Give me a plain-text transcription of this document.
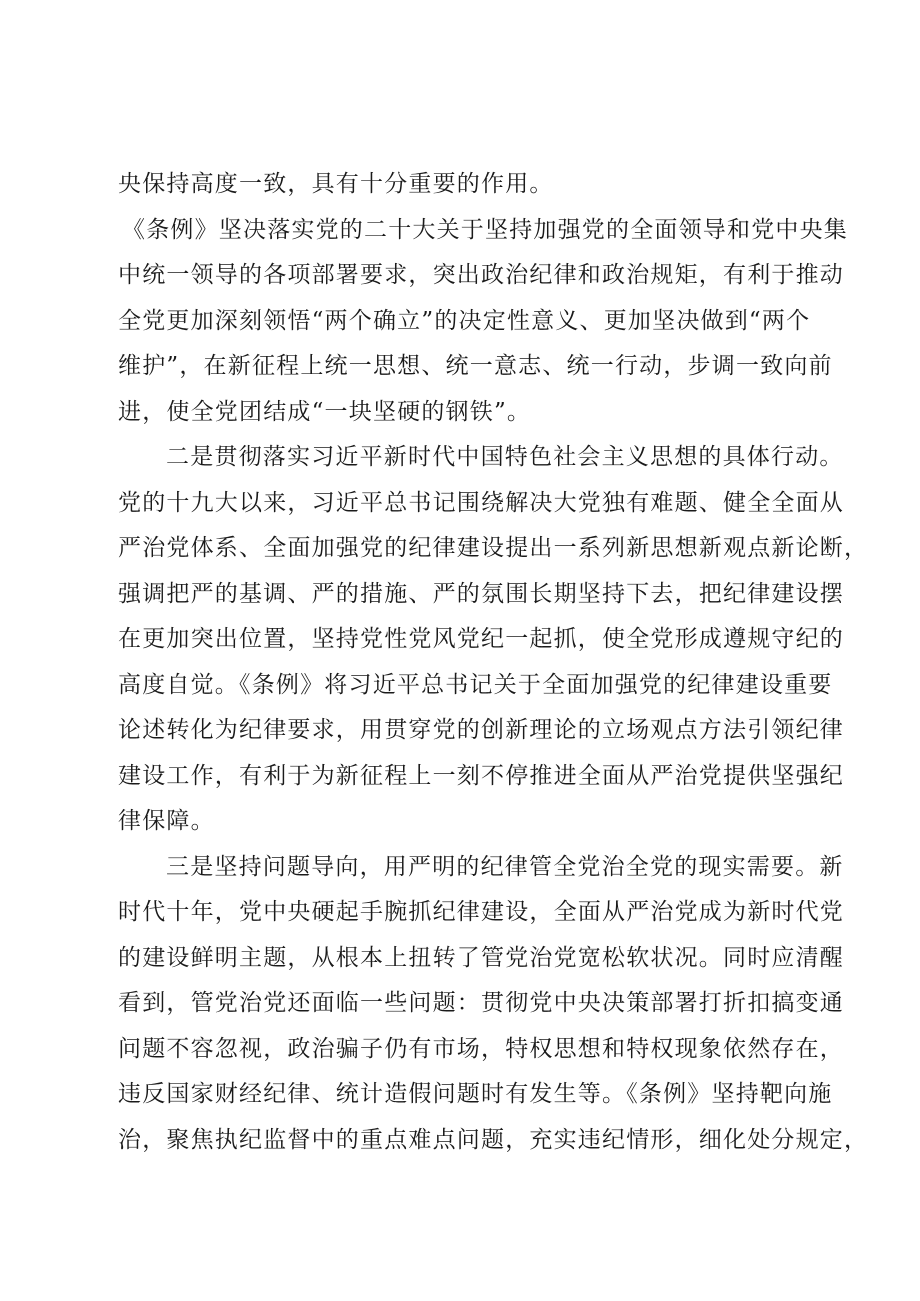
央保持高度一致，具有十分重要的作用。
《条例》坚决落实党的二十大关于坚持加强党的全面领导和党中央集
中统一领导的各项部署要求，突出政治纪律和政治规矩，有利于推动
全党更加深刻领悟“两个确立”的决定性意义、更加坚决做到“两个
维护”，在新征程上统一思想、统一意志、统一行动，步调一致向前
进，使全党团结成“一块坚硬的钢铁”。
二是贯彻落实习近平新时代中国特色社会主义思想的具体行动。
党的十九大以来，习近平总书记围绕解决大党独有难题、健全全面从
严治党体系、全面加强党的纪律建设提出一系列新思想新观点新论断，
强调把严的基调、严的措施、严的氛围长期坚持下去，把纪律建设摆
在更加突出位置，坚持党性党风党纪一起抓，使全党形成遵规守纪的
高度自觉。《条例》将习近平总书记关于全面加强党的纪律建设重要
论述转化为纪律要求，用贯穿党的创新理论的立场观点方法引领纪律
建设工作，有利于为新征程上一刻不停推进全面从严治党提供坚强纪
律保障。
三是坚持问题导向，用严明的纪律管全党治全党的现实需要。新
时代十年，党中央硬起手腕抓纪律建设，全面从严治党成为新时代党
的建设鲜明主题，从根本上扭转了管党治党宽松软状况。同时应清醒
看到，管党治党还面临一些问题：贯彻党中央决策部署打折扣搞变通
问题不容忽视，政治骗子仍有市场，特权思想和特权现象依然存在，
违反国家财经纪律、统计造假问题时有发生等。《条例》坚持靶向施
治，聚焦执纪监督中的重点难点问题，充实违纪情形，细化处分规定，
